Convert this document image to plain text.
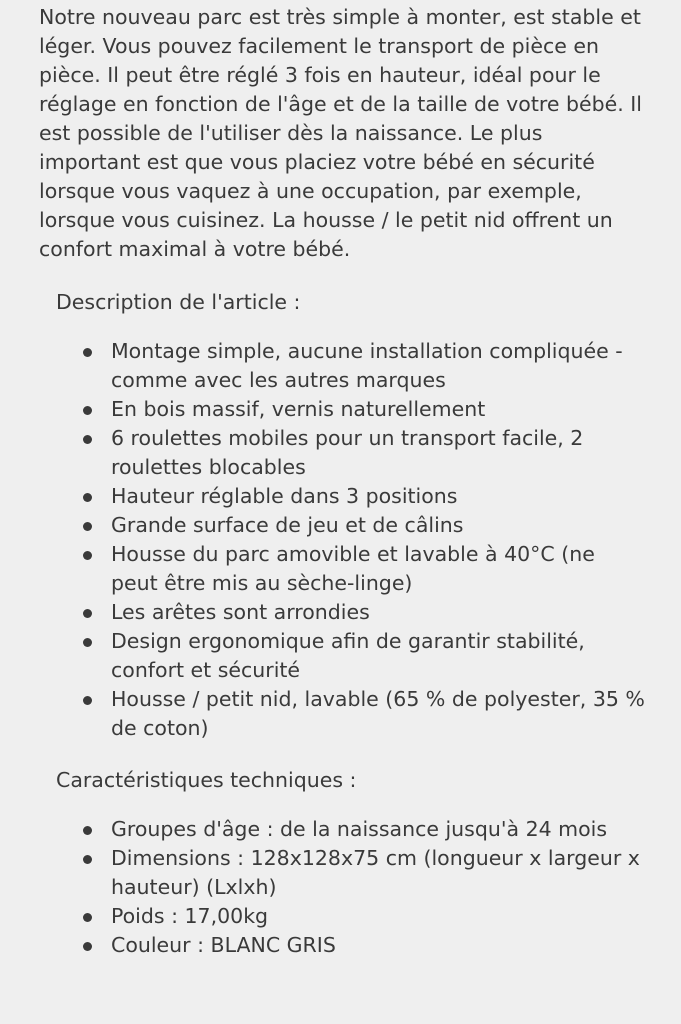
Notre nouveau parc est très simple à monter, est stable et léger. Vous pouvez facilement le transport de pièce en pièce. Il peut être réglé 3 fois en hauteur, idéal pour le réglage en fonction de l'âge et de la taille de votre bébé. Il est possible de l'utiliser dès la naissance. Le plus important est que vous placiez votre bébé en sécurité lorsque vous vaquez à une occupation, par exemple, lorsque vous cuisinez. La housse / le petit nid offrent un confort maximal à votre bébé.

Description de l'article :
Montage simple, aucune installation compliquée - comme avec les autres marques
En bois massif, vernis naturellement
6 roulettes mobiles pour un transport facile, 2 roulettes blocables
Hauteur réglable dans 3 positions
Grande surface de jeu et de câlins
Housse du parc amovible et lavable à 40°C (ne peut être mis au sèche-linge)
Les arêtes sont arrondies
Design ergonomique afin de garantir stabilité, confort et sécurité
Housse / petit nid, lavable (65 % de polyester, 35 % de coton)
Caractéristiques techniques :
Groupes d'âge : de la naissance jusqu'à 24 mois
Dimensions : 128x128x75 cm (longueur x largeur x hauteur) (Lxlxh)
Poids : 17,00kg
Couleur : BLANC GRIS
